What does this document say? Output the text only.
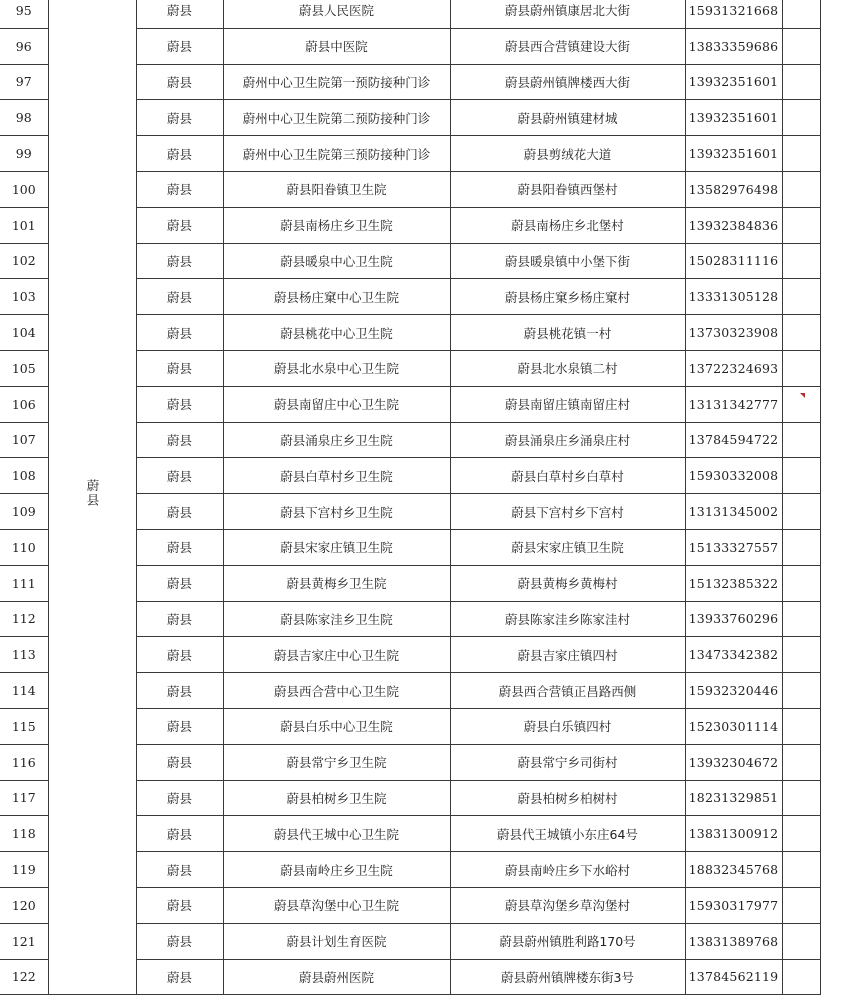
95	蔚县	蔚县	蔚县人民医院	蔚县蔚州镇康居北大街	15931321668	
96		蔚县	蔚县中医院	蔚县西合营镇建设大街	13833359686	
97		蔚县	蔚州中心卫生院第一预防接种门诊	蔚县蔚州镇牌楼西大街	13932351601	
98		蔚县	蔚州中心卫生院第二预防接种门诊	蔚县蔚州镇建材城	13932351601	
99		蔚县	蔚州中心卫生院第三预防接种门诊	蔚县剪绒花大道	13932351601	
100		蔚县	蔚县阳眷镇卫生院	蔚县阳眷镇西堡村	13582976498	
101		蔚县	蔚县南杨庄乡卫生院	蔚县南杨庄乡北堡村	13932384836	
102		蔚县	蔚县暖泉中心卫生院	蔚县暖泉镇中小堡下街	15028311116	
103		蔚县	蔚县杨庄窠中心卫生院	蔚县杨庄窠乡杨庄窠村	13331305128	
104		蔚县	蔚县桃花中心卫生院	蔚县桃花镇一村	13730323908	
105		蔚县	蔚县北水泉中心卫生院	蔚县北水泉镇二村	13722324693	
106		蔚县	蔚县南留庄中心卫生院	蔚县南留庄镇南留庄村	13131342777	
107		蔚县	蔚县涌泉庄乡卫生院	蔚县涌泉庄乡涌泉庄村	13784594722	
108		蔚县	蔚县白草村乡卫生院	蔚县白草村乡白草村	15930332008	
109		蔚县	蔚县下宫村乡卫生院	蔚县下宫村乡下宫村	13131345002	
110		蔚县	蔚县宋家庄镇卫生院	蔚县宋家庄镇卫生院	15133327557	
111		蔚县	蔚县黄梅乡卫生院	蔚县黄梅乡黄梅村	15132385322	
112		蔚县	蔚县陈家洼乡卫生院	蔚县陈家洼乡陈家洼村	13933760296	
113		蔚县	蔚县吉家庄中心卫生院	蔚县吉家庄镇四村	13473342382	
114		蔚县	蔚县西合营中心卫生院	蔚县西合营镇正昌路西侧	15932320446	
115		蔚县	蔚县白乐中心卫生院	蔚县白乐镇四村	15230301114	
116		蔚县	蔚县常宁乡卫生院	蔚县常宁乡司街村	13932304672	
117		蔚县	蔚县柏树乡卫生院	蔚县柏树乡柏树村	18231329851	
118		蔚县	蔚县代王城中心卫生院	蔚县代王城镇小东庄64号	13831300912	
119		蔚县	蔚县南岭庄乡卫生院	蔚县南岭庄乡下水峪村	18832345768	
120		蔚县	蔚县草沟堡中心卫生院	蔚县草沟堡乡草沟堡村	15930317977	
121		蔚县	蔚县计划生育医院	蔚县蔚州镇胜利路170号	13831389768	
122		蔚县	蔚县蔚州医院	蔚县蔚州镇牌楼东街3号	13784562119	
